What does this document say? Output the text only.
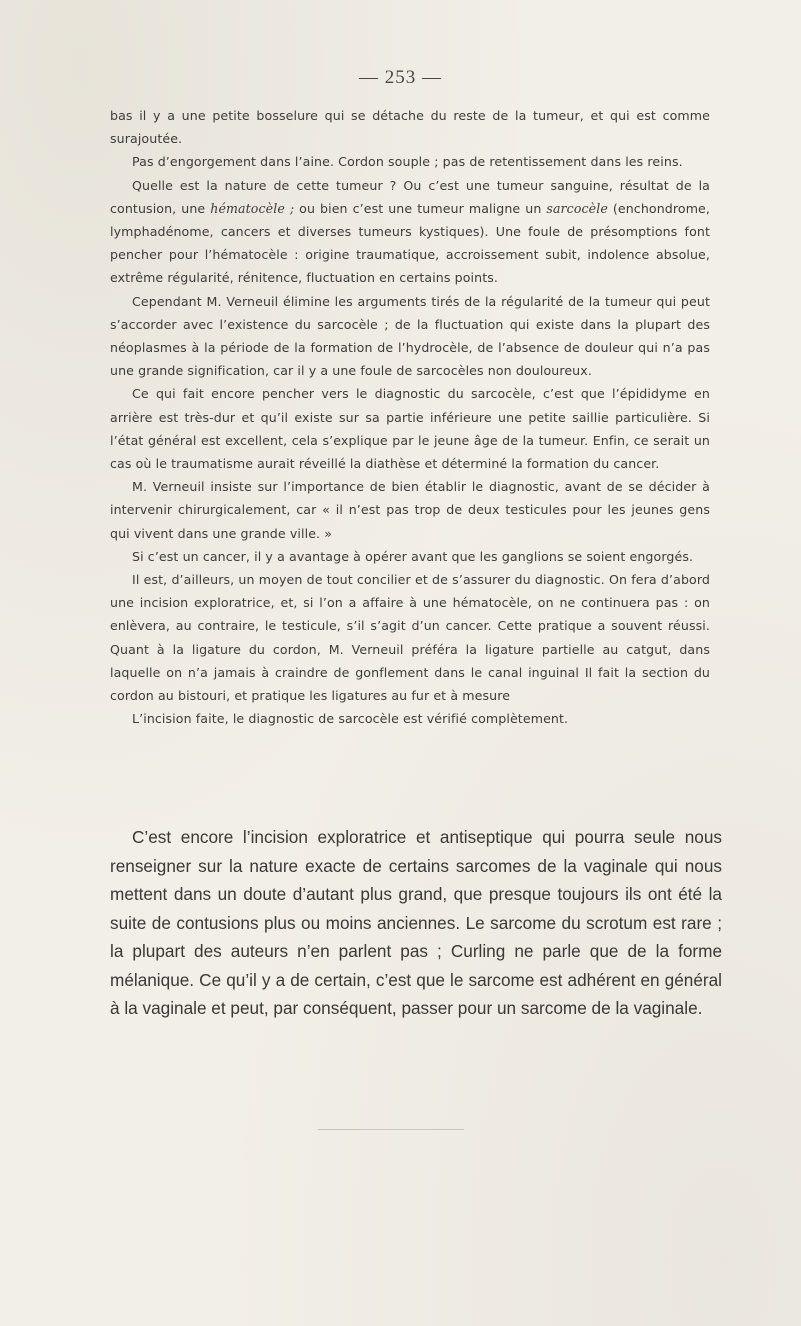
— 253 —

bas il y a une petite bosselure qui se détache du reste de la tumeur, et qui est comme surajoutée.

Pas d’engorgement dans l’aine. Cordon souple ; pas de retentissement dans les reins.

Quelle est la nature de cette tumeur ? Ou c’est une tumeur sanguine, résultat de la contusion, une hématocèle ; ou bien c’est une tumeur maligne un sarcocèle (enchondrome, lymphadénome, cancers et diverses tumeurs kystiques). Une foule de présomptions font pencher pour l’hématocèle : origine traumatique, accroissement subit, indolence absolue, extrême régularité, rénitence, fluctuation en certains points.

Cependant M. Verneuil élimine les arguments tirés de la régularité de la tumeur qui peut s’accorder avec l’existence du sarcocèle ; de la fluctuation qui existe dans la plupart des néoplasmes à la période de la formation de l’hydrocèle, de l’absence de douleur qui n’a pas une grande signification, car il y a une foule de sarcocèles non douloureux.

Ce qui fait encore pencher vers le diagnostic du sarcocèle, c’est que l’épididyme en arrière est très-dur et qu’il existe sur sa partie inférieure une petite saillie particulière. Si l’état général est excellent, cela s’explique par le jeune âge de la tumeur. Enfin, ce serait un cas où le traumatisme aurait réveillé la diathèse et déterminé la formation du cancer.

M. Verneuil insiste sur l’importance de bien établir le diagnostic, avant de se décider à intervenir chirurgicalement, car « il n’est pas trop de deux testicules pour les jeunes gens qui vivent dans une grande ville. »

Si c’est un cancer, il y a avantage à opérer avant que les ganglions se soient engorgés.

Il est, d’ailleurs, un moyen de tout concilier et de s’assurer du diagnostic. On fera d’abord une incision exploratrice, et, si l’on a affaire à une hématocèle, on ne continuera pas : on enlèvera, au contraire, le testicule, s’il s’agit d’un cancer. Cette pratique a souvent réussi. Quant à la ligature du cordon, M. Verneuil préféra la ligature partielle au catgut, dans laquelle on n’a jamais à craindre de gonflement dans le canal inguinal Il fait la section du cordon au bistouri, et pratique les ligatures au fur et à mesure

L’incision faite, le diagnostic de sarcocèle est vérifié complètement.

C’est encore l’incision exploratrice et antiseptique qui pourra seule nous renseigner sur la nature exacte de certains sarcomes de la vaginale qui nous mettent dans un doute d’autant plus grand, que presque toujours ils ont été la suite de contusions plus ou moins anciennes. Le sarcome du scrotum est rare ; la plupart des auteurs n’en parlent pas ; Curling ne parle que de la forme mélanique. Ce qu’il y a de certain, c’est que le sarcome est adhérent en général à la vaginale et peut, par conséquent, passer pour un sarcome de la vaginale.
